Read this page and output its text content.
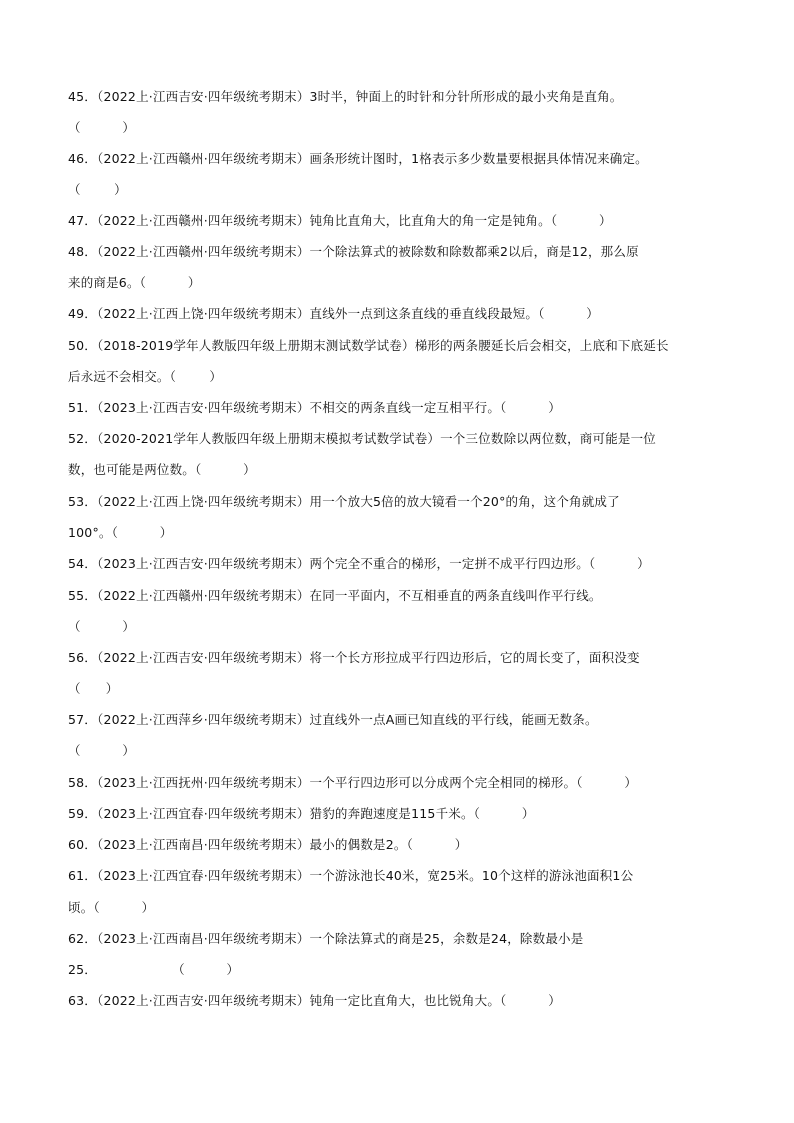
45．（2022上·江西吉安·四年级统考期末）3时半，钟面上的时针和分针所形成的最小夹角是直角。
（          ）
46．（2022上·江西赣州·四年级统考期末）画条形统计图时，1格表示多少数量要根据具体情况来确定。
（        ）
47．（2022上·江西赣州·四年级统考期末）钝角比直角大，比直角大的角一定是钝角。（          ）
48．（2022上·江西赣州·四年级统考期末）一个除法算式的被除数和除数都乘2以后，商是12，那么原
来的商是6。（          ）
49．（2022上·江西上饶·四年级统考期末）直线外一点到这条直线的垂直线段最短。（          ）
50．（2018-2019学年人教版四年级上册期末测试数学试卷）梯形的两条腰延长后会相交，上底和下底延长
后永远不会相交。（        ）
51．（2023上·江西吉安·四年级统考期末）不相交的两条直线一定互相平行。（          ）
52．（2020-2021学年人教版四年级上册期末模拟考试数学试卷）一个三位数除以两位数，商可能是一位
数，也可能是两位数。（          ）
53．（2022上·江西上饶·四年级统考期末）用一个放大5倍的放大镜看一个20°的角，这个角就成了
100°。（          ）
54．（2023上·江西吉安·四年级统考期末）两个完全不重合的梯形，一定拼不成平行四边形。（          ）
55．（2022上·江西赣州·四年级统考期末）在同一平面内，不互相垂直的两条直线叫作平行线。
（          ）
56．（2022上·江西吉安·四年级统考期末）将一个长方形拉成平行四边形后，它的周长变了，面积没变
（      ）
57．（2022上·江西萍乡·四年级统考期末）过直线外一点A画已知直线的平行线，能画无数条。
（          ）
58．（2023上·江西抚州·四年级统考期末）一个平行四边形可以分成两个完全相同的梯形。（          ）
59．（2023上·江西宜春·四年级统考期末）猎豹的奔跑速度是115千米。（          ）
60．（2023上·江西南昌·四年级统考期末）最小的偶数是2。（          ）
61．（2023上·江西宜春·四年级统考期末）一个游泳池长40米，宽25米。10个这样的游泳池面积1公
顷。（          ）
62．（2023上·江西南昌·四年级统考期末）一个除法算式的商是25，余数是24，除数最小是
25．                  （          ）
63．（2022上·江西吉安·四年级统考期末）钝角一定比直角大，也比锐角大。（          ）
